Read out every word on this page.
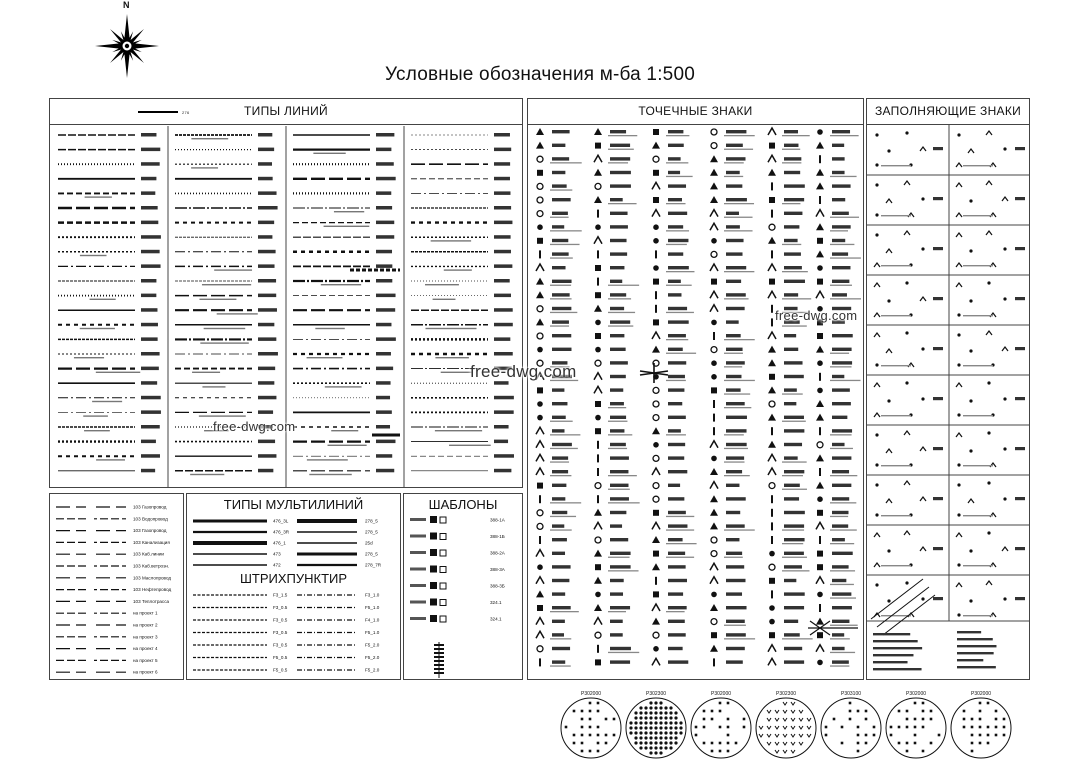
N
Условные обозначения м-ба 1:500
276	ТИПЫ ЛИНИЙ	ТОЧЕЧНЫЕ ЗНАКИ	ЗАПОЛНЯЮЩИЕ ЗНАКИ
103 Газопровод
103 Водопровод
103 Газопровод
103 Канализация
103 Каб.линии
103 Каб.ветроэн.
103 Маслопровод
103 Нефтепровод
103 Теплотрасса
на проект 1
на проект 2
на проект 3
на проект 4
на проект 5
на проект 6
ТИПЫ МУЛЬТИЛИНИЙ
ШТРИХПУНКТИР
476_3L	278_5
476_3R	278_5
476_1	25d
473	278_5
472	278_7R
F3_1.5	F3_1.0
F3_0.5	F5_1.0
F3_0.5	F4_1.0
F3_0.5	F5_1.0
F3_0.5	F5_2.0
F5_0.5	F5_2.0
F5_0.5	F5_2.0
ШАБЛОНЫ
388-1А
388-1Б
388-2А
388-3А
388-3Б
324.1
324.1
P302000	P302300	P302000	P302300	P303100	P302000	P302000
free-dwg.com
free-dwg.com
free-dwg.com
